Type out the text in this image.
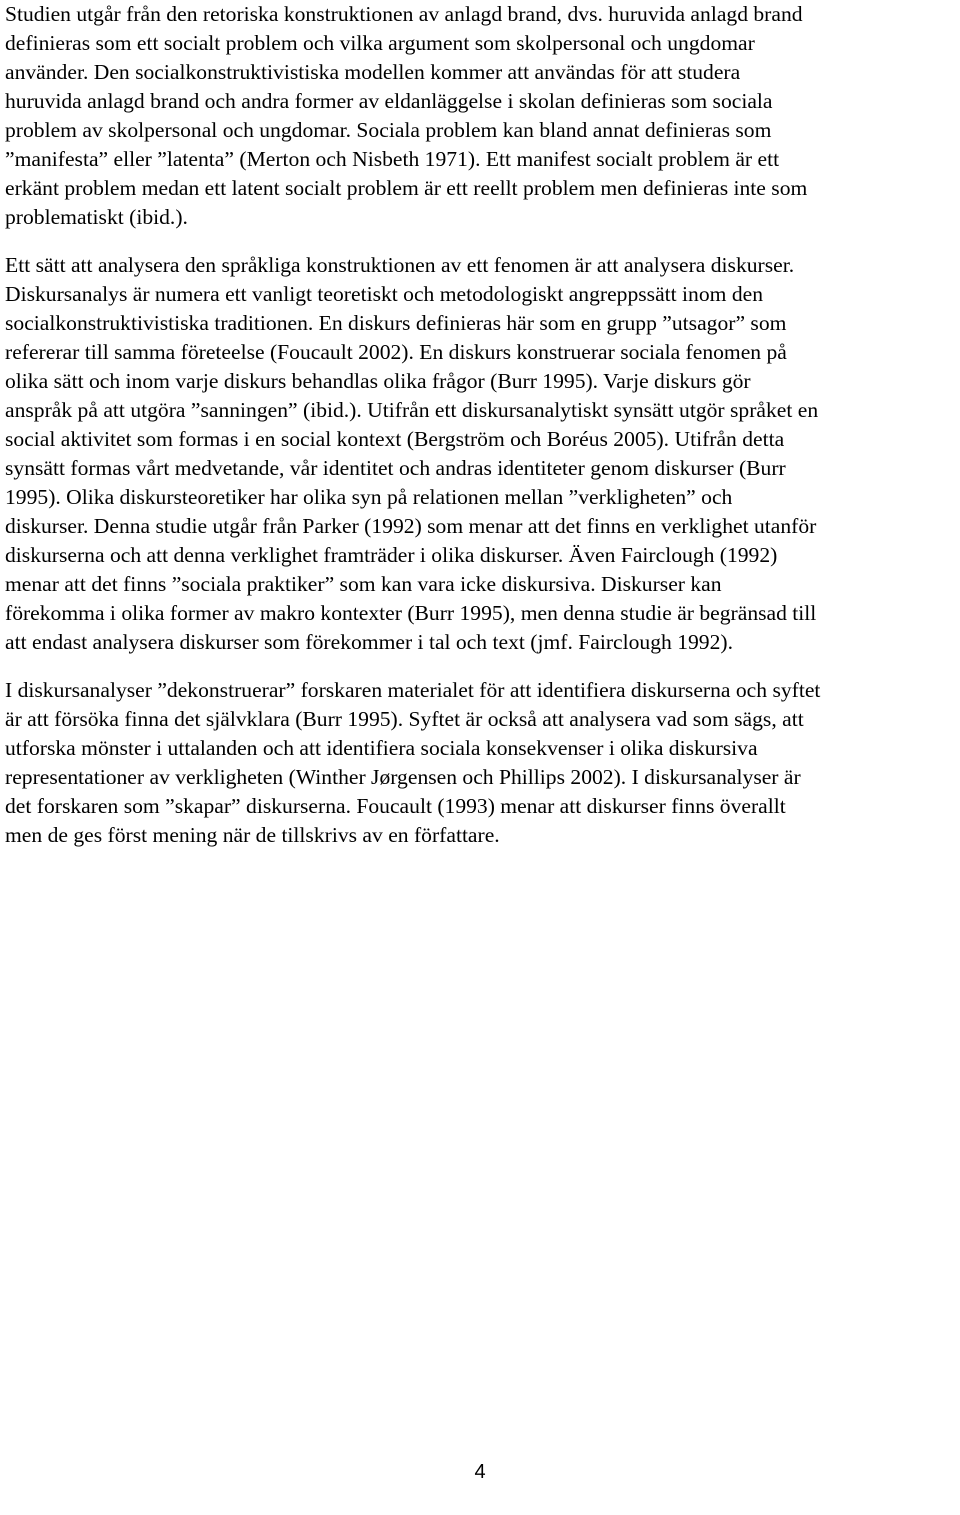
Studien utgår från den retoriska konstruktionen av anlagd brand, dvs. huruvida anlagd brand
definieras som ett socialt problem och vilka argument som skolpersonal och ungdomar
använder. Den socialkonstruktivistiska modellen kommer att användas för att studera
huruvida anlagd brand och andra former av eldanläggelse i skolan definieras som sociala
problem av skolpersonal och ungdomar. Sociala problem kan bland annat definieras som
”manifesta” eller ”latenta” (Merton och Nisbeth 1971). Ett manifest socialt problem är ett
erkänt problem medan ett latent socialt problem är ett reellt problem men definieras inte som
problematiskt (ibid.).
Ett sätt att analysera den språkliga konstruktionen av ett fenomen är att analysera diskurser.
Diskursanalys är numera ett vanligt teoretiskt och metodologiskt angreppssätt inom den
socialkonstruktivistiska traditionen. En diskurs definieras här som en grupp ”utsagor” som
refererar till samma företeelse (Foucault 2002). En diskurs konstruerar sociala fenomen på
olika sätt och inom varje diskurs behandlas olika frågor (Burr 1995). Varje diskurs gör
anspråk på att utgöra ”sanningen” (ibid.). Utifrån ett diskursanalytiskt synsätt utgör språket en
social aktivitet som formas i en social kontext (Bergström och Boréus 2005). Utifrån detta
synsätt formas vårt medvetande, vår identitet och andras identiteter genom diskurser (Burr
1995). Olika diskursteoretiker har olika syn på relationen mellan ”verkligheten” och
diskurser. Denna studie utgår från Parker (1992) som menar att det finns en verklighet utanför
diskurserna och att denna verklighet framträder i olika diskurser. Även Fairclough (1992)
menar att det finns ”sociala praktiker” som kan vara icke diskursiva. Diskurser kan
förekomma i olika former av makro kontexter (Burr 1995), men denna studie är begränsad till
att endast analysera diskurser som förekommer i tal och text (jmf. Fairclough 1992).
I diskursanalyser ”dekonstruerar” forskaren materialet för att identifiera diskurserna och syftet
är att försöka finna det självklara (Burr 1995). Syftet är också att analysera vad som sägs, att
utforska mönster i uttalanden och att identifiera sociala konsekvenser i olika diskursiva
representationer av verkligheten (Winther Jørgensen och Phillips 2002). I diskursanalyser är
det forskaren som ”skapar” diskurserna. Foucault (1993) menar att diskurser finns överallt
men de ges först mening när de tillskrivs av en författare.
4
